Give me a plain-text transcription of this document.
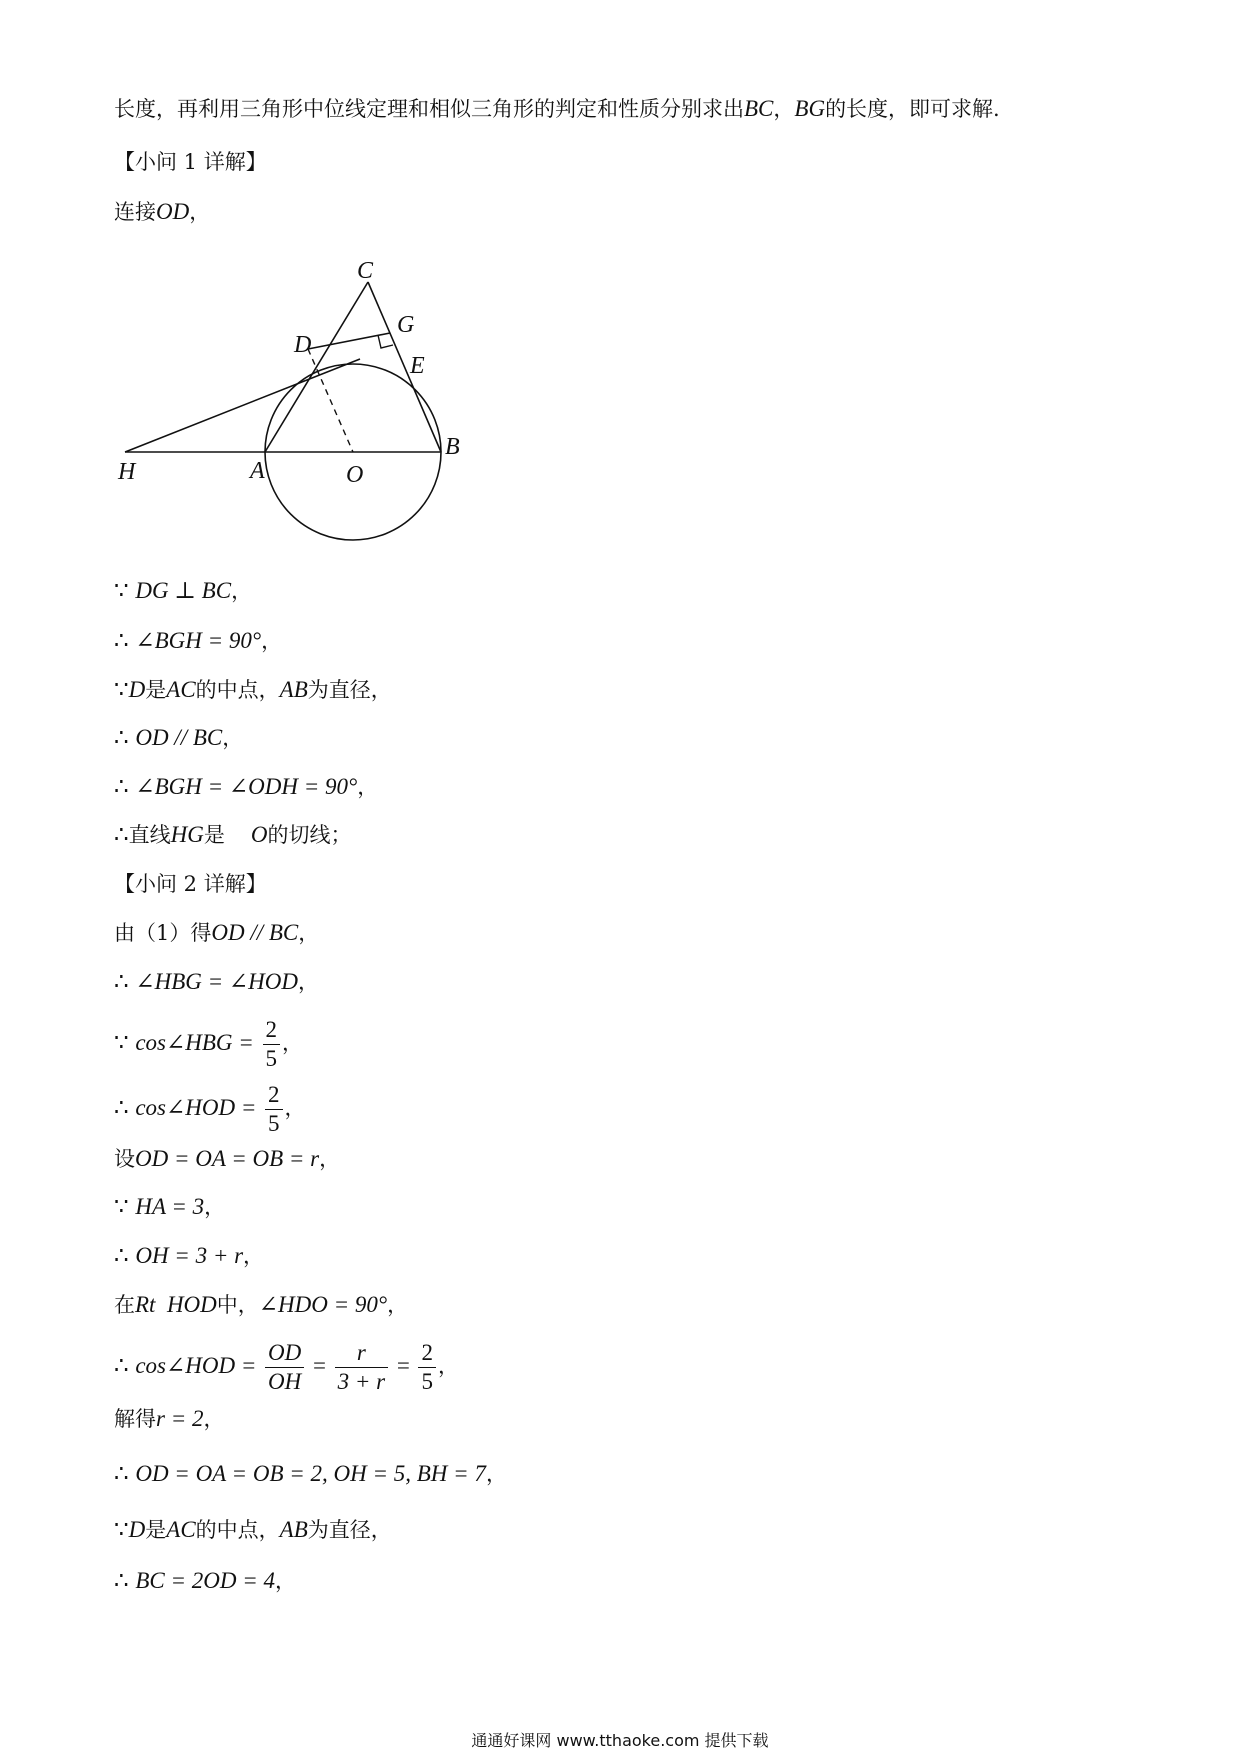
长度，再利用三角形中位线定理和相似三角形的判定和性质分别求出BC，BG的长度，即可求解.
【小问 1 详解】
连接OD，
C
G
D
E
H	A	O
B
∵ DG ⊥ BC，
∴ ∠BGH = 90°，
∵D是AC的中点，AB为直径，
∴ OD // BC，
∴ ∠BGH = ∠ODH = 90°，
∴直线HG是 O的切线；
【小问 2 详解】
由（1）得OD // BC，
∴ ∠HBG = ∠HOD，
∵ cos∠HBG = $\frac{2}{5}$ ，
∴ cos∠HOD = $\frac{2}{5}$ ，
设OD = OA = OB = r，
∵ HA = 3，
∴ OH = 3 + r，
在Rt  HOD中，∠HDO = 90°，
∴ cos∠HOD = $\frac{OD}{OH} = \frac{r}{3 + r} = \frac{2}{5}$ ，
解得r = 2，
∴ OD = OA = OB = 2, OH = 5, BH = 7，
∵D是AC的中点，AB为直径，
∴ BC = 2OD = 4，
通通好课网 www.tthaoke.com 提供下载
